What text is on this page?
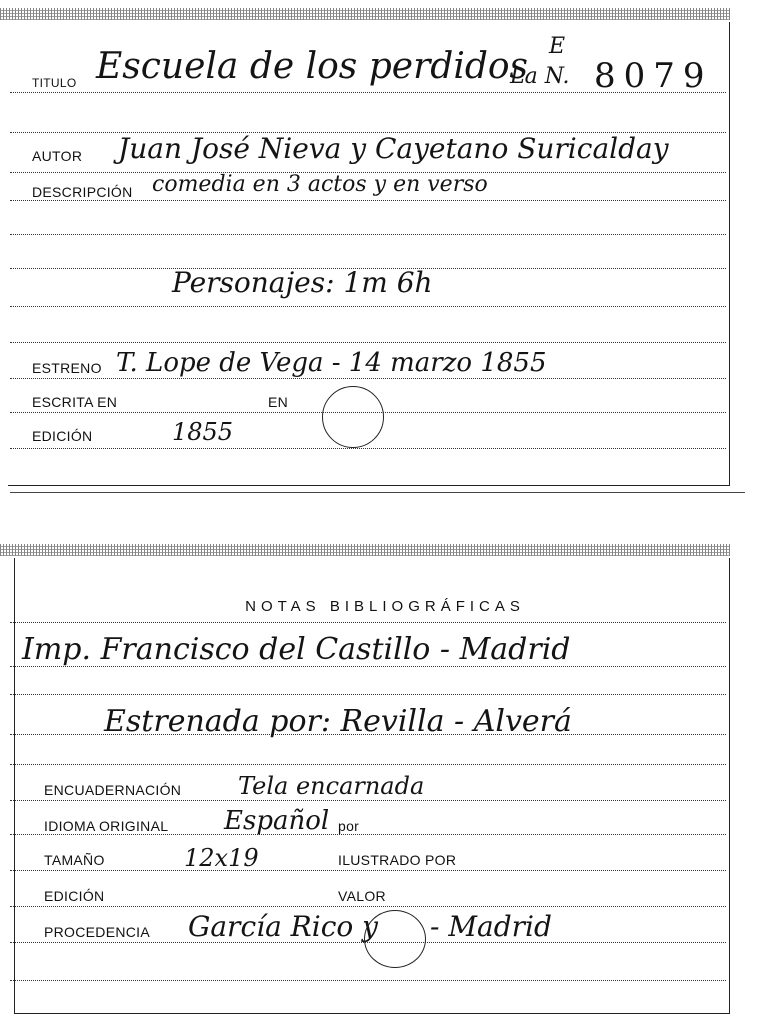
TITULO Escuela de los perdidos
La N.
E
8079
AUTOR Juan José Nieva y Cayetano Suricalday
DESCRIPCIÓN comedia en 3 actos y en verso
Personajes: 1m 6h
ESTRENO T. Lope de Vega - 14 marzo 1855
ESCRITA EN	EN
EDICIÓN	1855
NOTAS BIBLIOGRÁFICAS
Imp. Francisco del Castillo - Madrid
Estrenada por: Revilla - Alverá
ENCUADERNACIÓN Tela encarnada
IDIOMA ORIGINAL Español por
TAMAÑO	12x19	ILUSTRADO POR
EDICIÓN	VALOR
PROCEDENCIA García Rico y - Madrid
